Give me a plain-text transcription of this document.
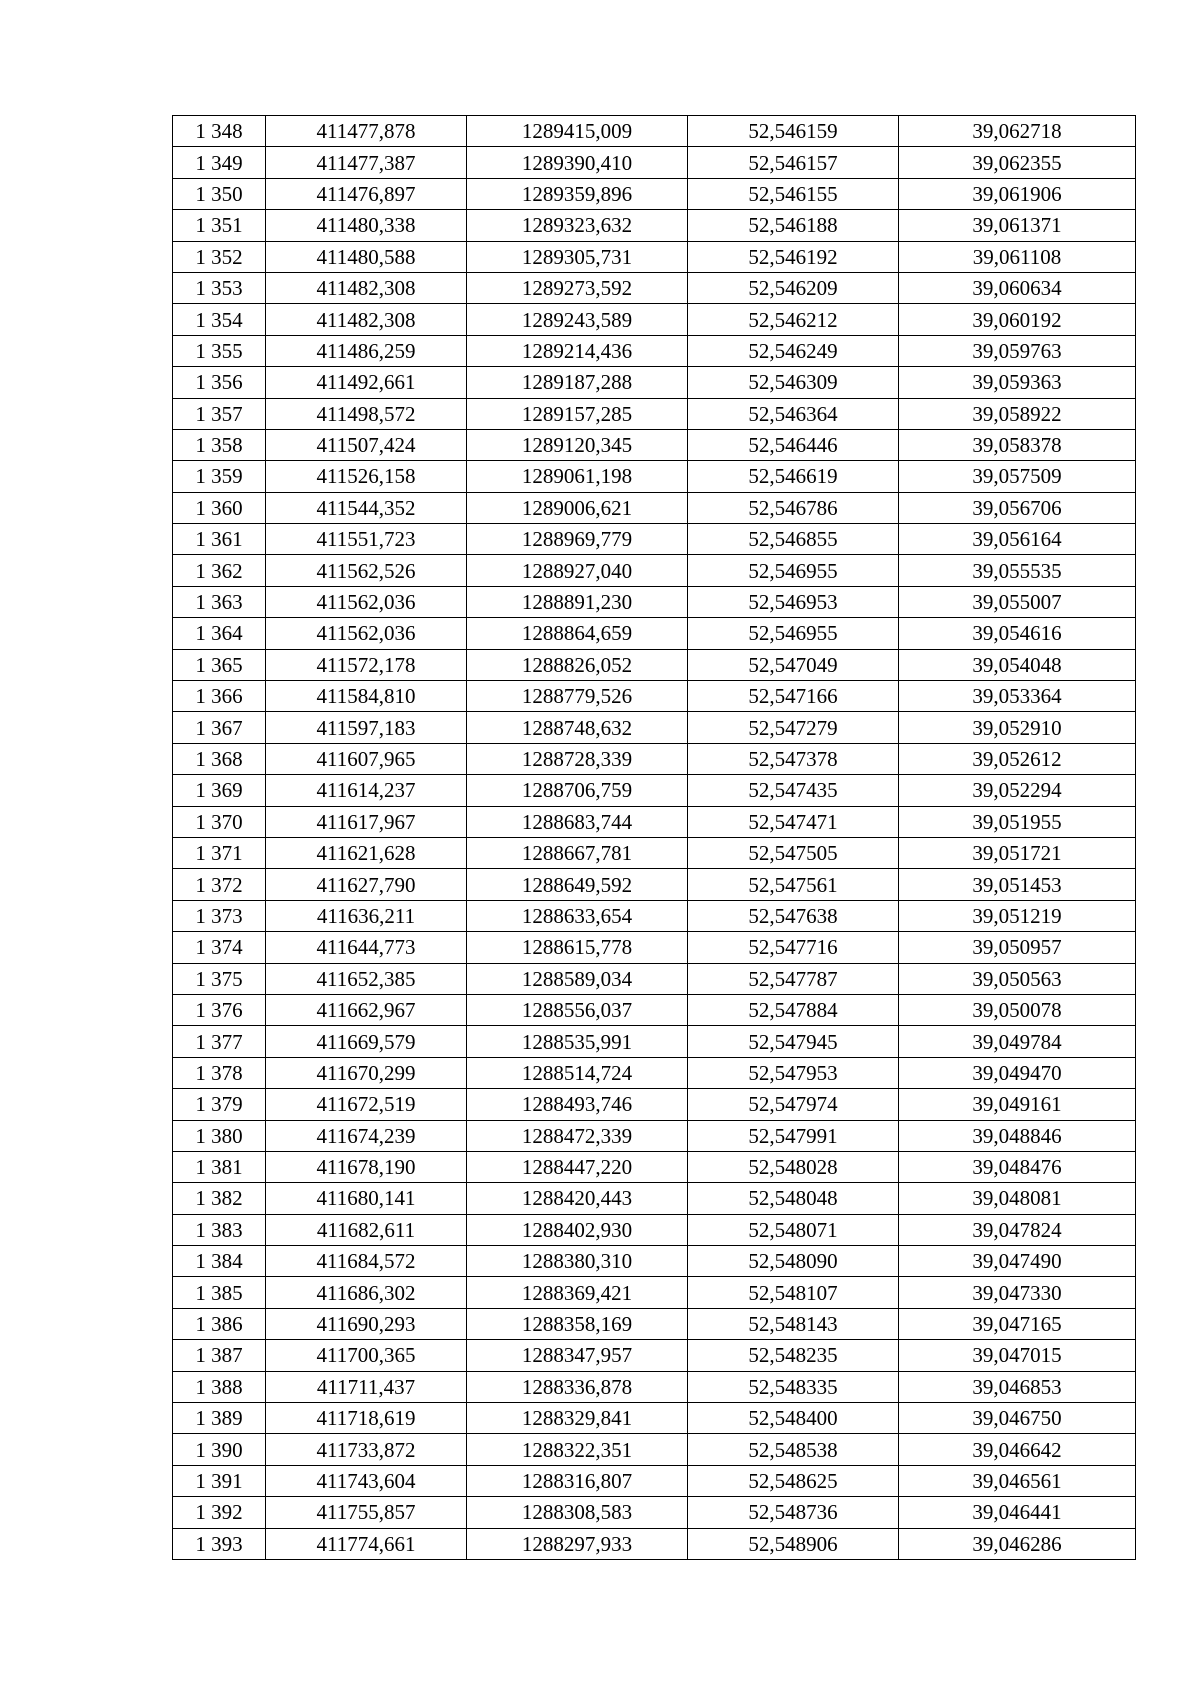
1 348	411477,878	1289415,009	52,546159	39,062718
1 349	411477,387	1289390,410	52,546157	39,062355
1 350	411476,897	1289359,896	52,546155	39,061906
1 351	411480,338	1289323,632	52,546188	39,061371
1 352	411480,588	1289305,731	52,546192	39,061108
1 353	411482,308	1289273,592	52,546209	39,060634
1 354	411482,308	1289243,589	52,546212	39,060192
1 355	411486,259	1289214,436	52,546249	39,059763
1 356	411492,661	1289187,288	52,546309	39,059363
1 357	411498,572	1289157,285	52,546364	39,058922
1 358	411507,424	1289120,345	52,546446	39,058378
1 359	411526,158	1289061,198	52,546619	39,057509
1 360	411544,352	1289006,621	52,546786	39,056706
1 361	411551,723	1288969,779	52,546855	39,056164
1 362	411562,526	1288927,040	52,546955	39,055535
1 363	411562,036	1288891,230	52,546953	39,055007
1 364	411562,036	1288864,659	52,546955	39,054616
1 365	411572,178	1288826,052	52,547049	39,054048
1 366	411584,810	1288779,526	52,547166	39,053364
1 367	411597,183	1288748,632	52,547279	39,052910
1 368	411607,965	1288728,339	52,547378	39,052612
1 369	411614,237	1288706,759	52,547435	39,052294
1 370	411617,967	1288683,744	52,547471	39,051955
1 371	411621,628	1288667,781	52,547505	39,051721
1 372	411627,790	1288649,592	52,547561	39,051453
1 373	411636,211	1288633,654	52,547638	39,051219
1 374	411644,773	1288615,778	52,547716	39,050957
1 375	411652,385	1288589,034	52,547787	39,050563
1 376	411662,967	1288556,037	52,547884	39,050078
1 377	411669,579	1288535,991	52,547945	39,049784
1 378	411670,299	1288514,724	52,547953	39,049470
1 379	411672,519	1288493,746	52,547974	39,049161
1 380	411674,239	1288472,339	52,547991	39,048846
1 381	411678,190	1288447,220	52,548028	39,048476
1 382	411680,141	1288420,443	52,548048	39,048081
1 383	411682,611	1288402,930	52,548071	39,047824
1 384	411684,572	1288380,310	52,548090	39,047490
1 385	411686,302	1288369,421	52,548107	39,047330
1 386	411690,293	1288358,169	52,548143	39,047165
1 387	411700,365	1288347,957	52,548235	39,047015
1 388	411711,437	1288336,878	52,548335	39,046853
1 389	411718,619	1288329,841	52,548400	39,046750
1 390	411733,872	1288322,351	52,548538	39,046642
1 391	411743,604	1288316,807	52,548625	39,046561
1 392	411755,857	1288308,583	52,548736	39,046441
1 393	411774,661	1288297,933	52,548906	39,046286
